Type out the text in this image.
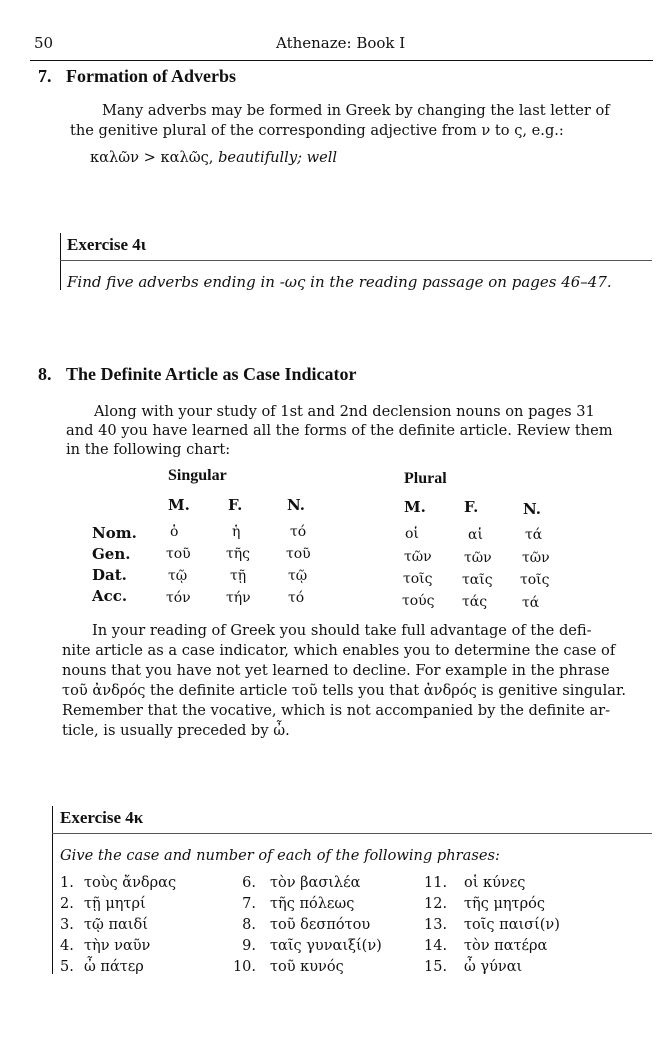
50	Athenaze: Book I
7. Formation of Adverbs
Many adverbs may be formed in Greek by changing the last letter of
the genitive plural of the corresponding adjective from ν to ς, e.g.:
καλῶν > καλῶς, beautifully; well
Exercise 4ι
Find five adverbs ending in -ως in the reading passage on pages 46–47.
8. The Definite Article as Case Indicator
Along with your study of 1st and 2nd declension nouns on pages 31
and 40 you have learned all the forms of the definite article. Review them
in the following chart:
Singular	Plural
M.	F.	N.	M.	F.	N.
Nom. ὁ	ἡ	τό	οἱ	αἱ	τά
Gen.	τοῦ	τῆς	τοῦ	τῶν τῶν τῶν
Dat.	τῷ	τῇ	τῷ	τοῖς ταῖς τοῖς
Acc.	τόν	τήν	τό	τούς τάς τά
In your reading of Greek you should take full advantage of the defi-
nite article as a case indicator, which enables you to determine the case of
nouns that you have not yet learned to decline. For example in the phrase
τοῦ ἀνδρός the definite article τοῦ tells you that ἀνδρός is genitive singular.
Remember that the vocative, which is not accompanied by the definite ar-
ticle, is usually preceded by ὦ.
Exercise 4κ
Give the case and number of each of the following phrases:
1. τοὺς ἄνδρας
2. τῇ μητρί
3. τῷ παιδί
4. τὴν ναῦν
5. ὦ πάτερ
6. τὸν βασιλέα
7. τῆς πόλεως
8. τοῦ δεσπότου
9. ταῖς γυναιξί(ν)
10. τοῦ κυνός
11. οἱ κύνες
12. τῆς μητρός
13. τοῖς παισί(ν)
14. τὸν πατέρα
15. ὦ γύναι
